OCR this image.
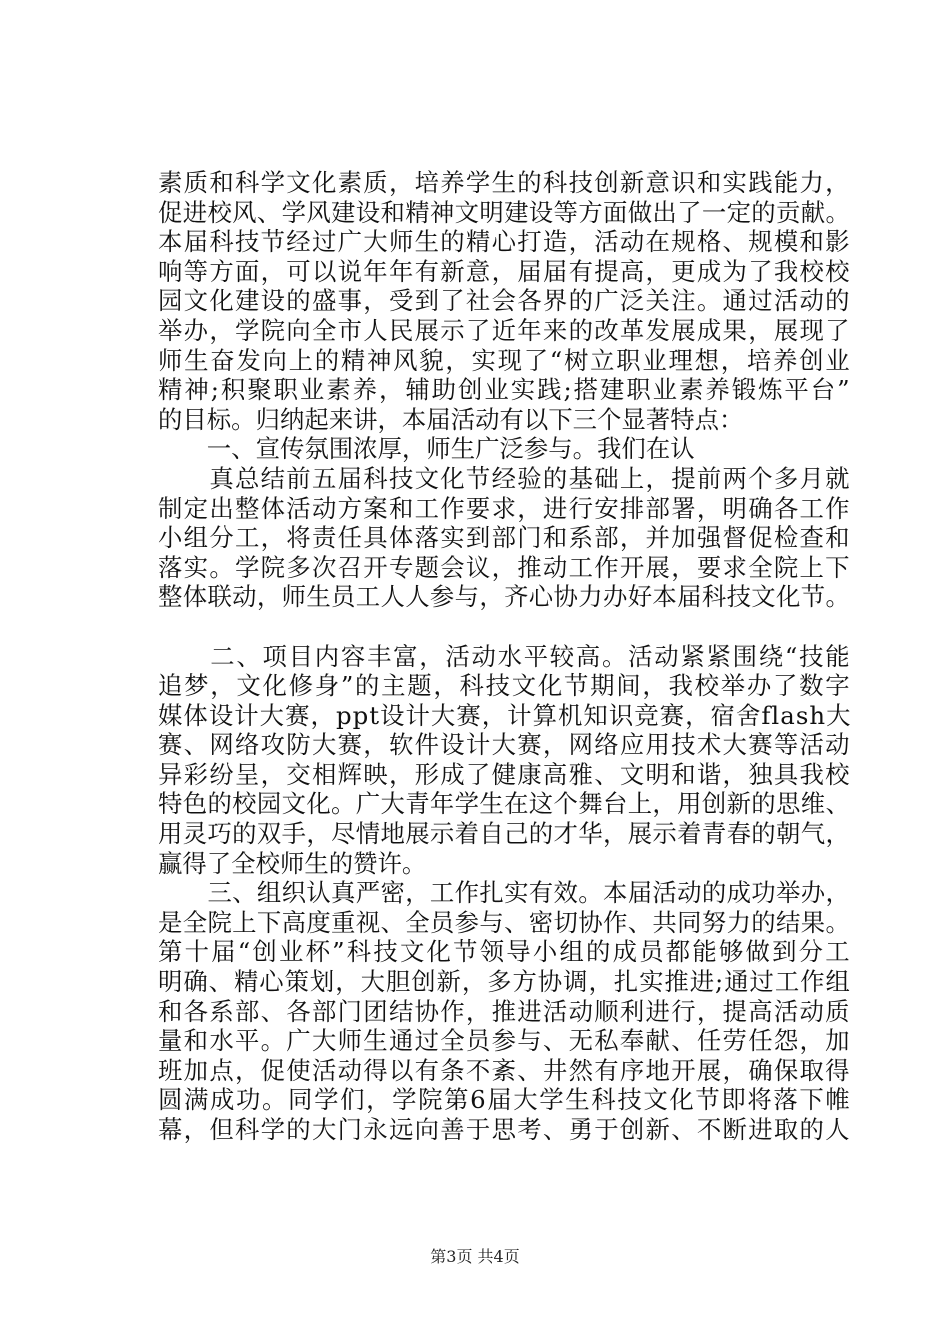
素质和科学文化素质，培养学生的科技创新意识和实践能力，
促进校风、学风建设和精神文明建设等方面做出了一定的贡献。
本届科技节经过广大师生的精心打造，活动在规格、规模和影
响等方面，可以说年年有新意，届届有提高，更成为了我校校
园文化建设的盛事，受到了社会各界的广泛关注。通过活动的
举办，学院向全市人民展示了近年来的改革发展成果，展现了
师生奋发向上的精神风貌，实现了“树立职业理想，培养创业
精神;积聚职业素养，辅助创业实践;搭建职业素养锻炼平台”
的目标。归纳起来讲，本届活动有以下三个显著特点：
　　一、宣传氛围浓厚，师生广泛参与。我们在认
　　真总结前五届科技文化节经验的基础上，提前两个多月就
制定出整体活动方案和工作要求，进行安排部署，明确各工作
小组分工，将责任具体落实到部门和系部，并加强督促检查和
落实。学院多次召开专题会议，推动工作开展，要求全院上下
整体联动，师生员工人人参与，齐心协力办好本届科技文化节。
　　二、项目内容丰富，活动水平较高。活动紧紧围绕“技能
追梦，文化修身”的主题，科技文化节期间，我校举办了数字
媒体设计大赛，ppt设计大赛，计算机知识竞赛，宿舍flash大
赛、网络攻防大赛，软件设计大赛，网络应用技术大赛等活动
异彩纷呈，交相辉映，形成了健康高雅、文明和谐，独具我校
特色的校园文化。广大青年学生在这个舞台上，用创新的思维、
用灵巧的双手，尽情地展示着自己的才华，展示着青春的朝气，
赢得了全校师生的赞许。
　　三、组织认真严密，工作扎实有效。本届活动的成功举办，
是全院上下高度重视、全员参与、密切协作、共同努力的结果。
第十届“创业杯”科技文化节领导小组的成员都能够做到分工
明确、精心策划，大胆创新，多方协调，扎实推进;通过工作组
和各系部、各部门团结协作，推进活动顺利进行，提高活动质
量和水平。广大师生通过全员参与、无私奉献、任劳任怨，加
班加点，促使活动得以有条不紊、井然有序地开展，确保取得
圆满成功。同学们，学院第6届大学生科技文化节即将落下帷
幕，但科学的大门永远向善于思考、勇于创新、不断进取的人
第3页 共4页
